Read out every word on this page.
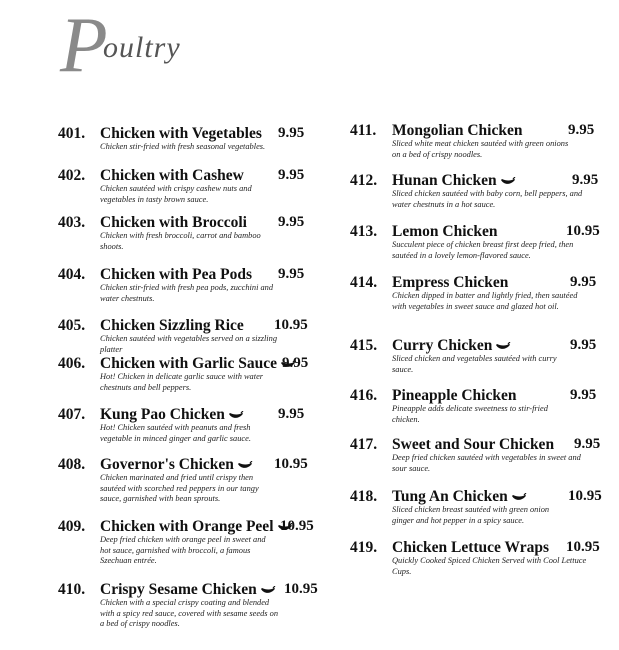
P
oultry
401. Chicken with Vegetables 9.95
Chicken stir-fried with fresh seasonal vegetables.
402. Chicken with Cashew 9.95
Chicken sautéed with crispy cashew nuts and vegetables in tasty brown sauce.
403. Chicken with Broccoli 9.95
Chicken with fresh broccoli, carrot and bamboo shoots.
404. Chicken with Pea Pods 9.95
Chicken stir-fried with fresh pea pods, zucchini and water chestnuts.
405. Chicken Sizzling Rice 10.95
Chicken sautéed with vegetables served on a sizzling platter
406. Chicken with Garlic Sauce 9.95
Hot! Chicken in delicate garlic sauce with water chestnuts and bell peppers.
407. Kung Pao Chicken	9.95
Hot! Chicken sautéed with peanuts and fresh vegetable in minced ginger and garlic sauce.
408. Governor's Chicken	10.95
Chicken marinated and fried until crispy then sautéed with scorched red peppers in our tangy sauce, garnished with bean sprouts.
409. Chicken with Orange Peel 10.95
Deep fried chicken with orange peel in sweet and hot sauce, garnished with broccoli, a famous Szechuan entrée.
410. Crispy Sesame Chicken	10.95
Chicken with a special crispy coating and blended with a spicy red sauce, covered with sesame seeds on a bed of crispy noodles.
411. Mongolian Chicken	9.95
Sliced white meat chicken sautéed with green onions on a bed of crispy noodles.
412. Hunan Chicken	9.95
Sliced chicken sautéed with baby corn, bell peppers, and water chestnuts in a hot sauce.
413. Lemon Chicken	10.95
Succulent piece of chicken breast first deep fried, then sautéed in a lovely lemon-flavored sauce.
414. Empress Chicken	9.95
Chicken dipped in batter and lightly fried, then sautéed with vegetables in sweet sauce and glazed hot oil.
415. Curry Chicken	9.95
Sliced chicken and vegetables sautéed with curry sauce.
416. Pineapple Chicken	9.95
Pineapple adds delicate sweetness to stir-fried chicken.
417. Sweet and Sour Chicken 9.95
Deep fried chicken sautéed with vegetables in sweet and sour sauce.
418. Tung An Chicken	10.95
Sliced chicken breast sautéed with green onion ginger and hot pepper in a spicy sauce.
419. Chicken Lettuce Wraps 10.95
Quickly Cooked Spiced Chicken Served with Cool Lettuce Cups.
